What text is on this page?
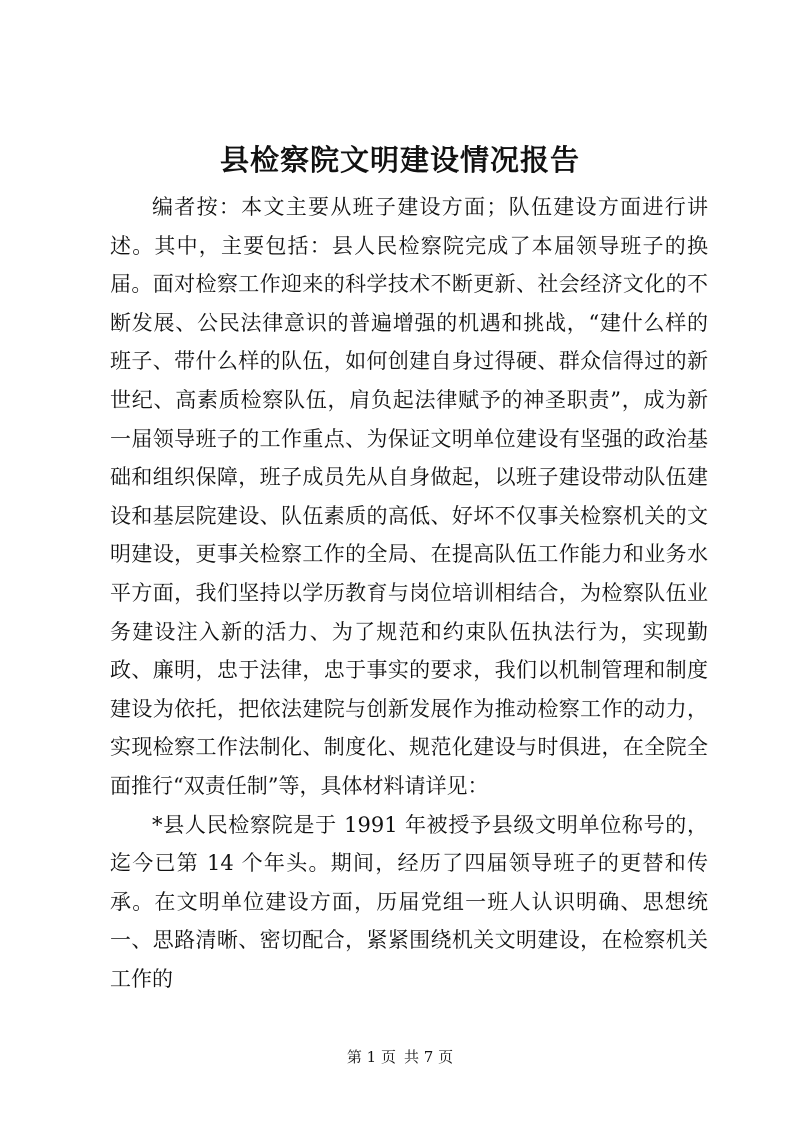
县检察院文明建设情况报告

编者按：本文主要从班子建设方面；队伍建设方面进行讲述。其中，主要包括：县人民检察院完成了本届领导班子的换届。面对检察工作迎来的科学技术不断更新、社会经济文化的不断发展、公民法律意识的普遍增强的机遇和挑战，“建什么样的班子、带什么样的队伍，如何创建自身过得硬、群众信得过的新世纪、高素质检察队伍，肩负起法律赋予的神圣职责”，成为新一届领导班子的工作重点、为保证文明单位建设有坚强的政治基础和组织保障，班子成员先从自身做起，以班子建设带动队伍建设和基层院建设、队伍素质的高低、好坏不仅事关检察机关的文明建设，更事关检察工作的全局、在提高队伍工作能力和业务水平方面，我们坚持以学历教育与岗位培训相结合，为检察队伍业务建设注入新的活力、为了规范和约束队伍执法行为，实现勤政、廉明，忠于法律，忠于事实的要求，我们以机制管理和制度建设为依托，把依法建院与创新发展作为推动检察工作的动力，实现检察工作法制化、制度化、规范化建设与时俱进，在全院全面推行“双责任制”等，具体材料请详见：

*县人民检察院是于 1991 年被授予县级文明单位称号的，迄今已第 14 个年头。期间，经历了四届领导班子的更替和传承。在文明单位建设方面，历届党组一班人认识明确、思想统一、思路清晰、密切配合，紧紧围绕机关文明建设，在检察机关工作的

第 1 页 共 7 页
